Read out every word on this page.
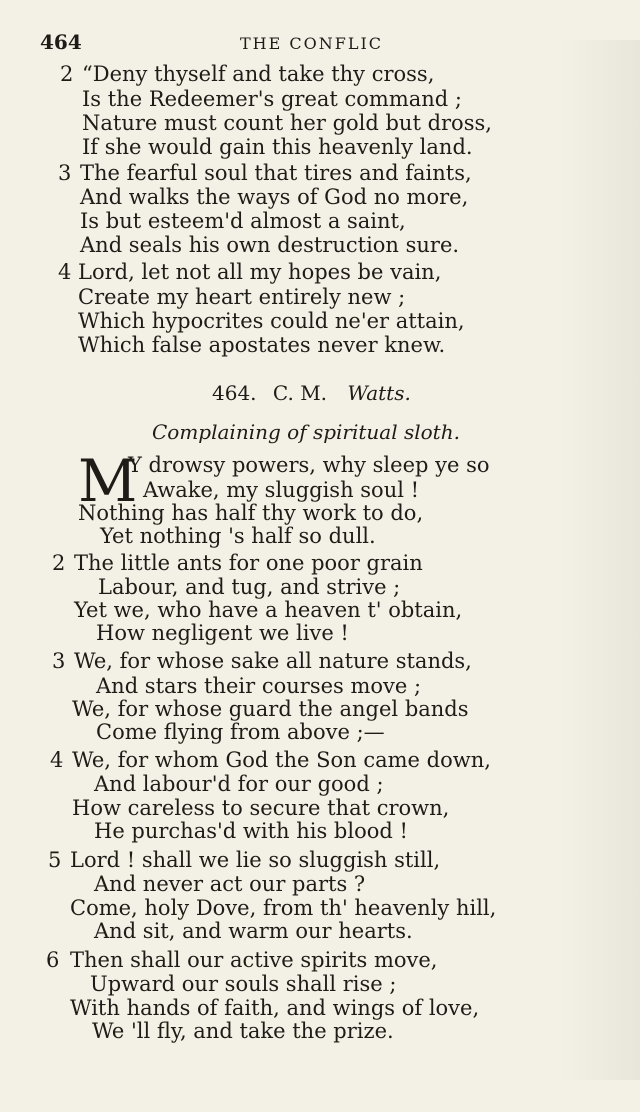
464	THE CONFLIC
2 “Deny thyself and take thy cross,
Is the Redeemer's great command ;
Nature must count her gold but dross,
If she would gain this heavenly land.
3 The fearful soul that tires and faints,
And walks the ways of God no more,
Is but esteem'd almost a saint,
And seals his own destruction sure.
4 Lord, let not all my hopes be vain,
Create my heart entirely new ;
Which hypocrites could ne'er attain,
Which false apostates never knew.
464. C. M. Watts.
Complaining of spiritual sloth.
M
Y drowsy powers, why sleep ye so
Awake, my sluggish soul !
Nothing has half thy work to do,
Yet nothing 's half so dull.
2 The little ants for one poor grain
Labour, and tug, and strive ;
Yet we, who have a heaven t' obtain,
How negligent we live !
3 We, for whose sake all nature stands,
And stars their courses move ;
We, for whose guard the angel bands
Come flying from above ;—
4 We, for whom God the Son came down,
And labour'd for our good ;
How careless to secure that crown,
He purchas'd with his blood !
5 Lord ! shall we lie so sluggish still,
And never act our parts ?
Come, holy Dove, from th' heavenly hill,
And sit, and warm our hearts.
6 Then shall our active spirits move,
Upward our souls shall rise ;
With hands of faith, and wings of love,
We 'll fly, and take the prize.
